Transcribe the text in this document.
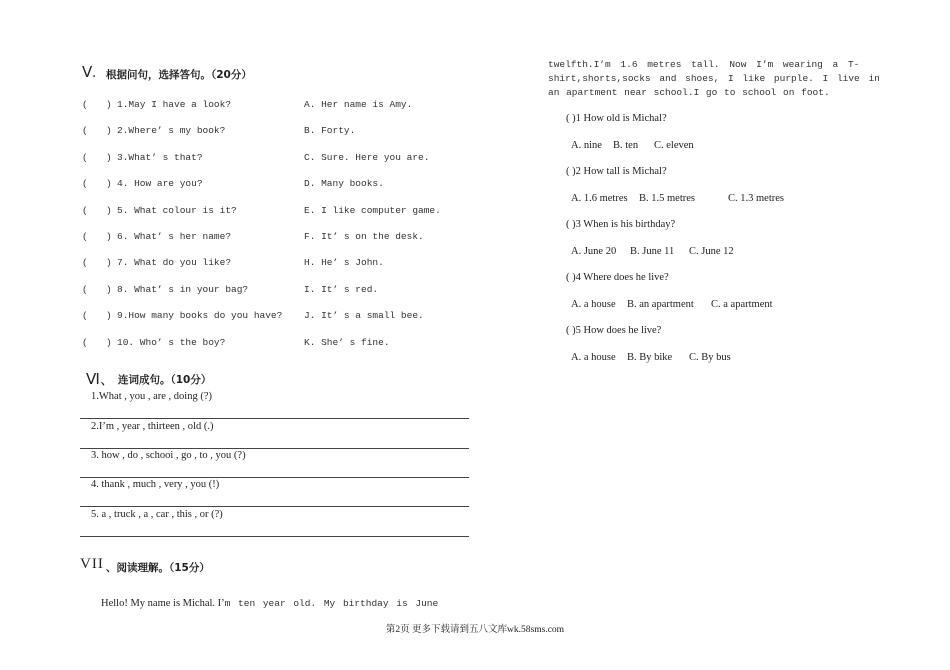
Ⅴ. 根据问句，选择答句。（20分）
( ) 1.May I have a look?	A. Her name is Amy.
( ) 2.Where’ s my book?	B. Forty.
( ) 3.What’ s that?	C. Sure. Here you are.
( ) 4. How are you?	D. Many books.
( ) 5. What colour is it?	E. I like computer game.
( ) 6. What’ s her name?	F. It’ s on the desk.
( ) 7. What do you like?	H. He’ s John.
( ) 8. What’ s in your bag?	I. It’ s red.
( ) 9.How many books do you have? J. It’ s a small bee.
( ) 10. Who’ s the boy?	K. She’ s fine.
Ⅵ、 连词成句。（10分）
1.What , you , are , doing (?)
2.I’m , year , thirteen , old (.)
3. how , do , schooi , go , to , you (?)
4. thank , much , very , you (!)
5. a , truck , a , car , this , or (?)
VII 、阅读理解。（15分）
Hello! My name is Michal. I’m ten year old. My birthday is June
twelfth.I’m 1.6 metres tall. Now I’m wearing a T-
shirt,shorts,socks and shoes, I like purple. I live in
an apartment near school.I go to school on foot.
( )1 How old is Michal?
A. nine B. ten C. eleven
( )2 How tall is Michal?
A. 1.6 metres B. 1.5 metres	C. 1.3 metres
( )3 When is his birthday?
A. June 20 B. June 11 C. June 12
( )4 Where does he live?
A. a house B. an apartment C. a apartment
( )5 How does he live?
A. a house B. By bike C. By bus
第2页 更多下载请到五八文库wk.58sms.com
